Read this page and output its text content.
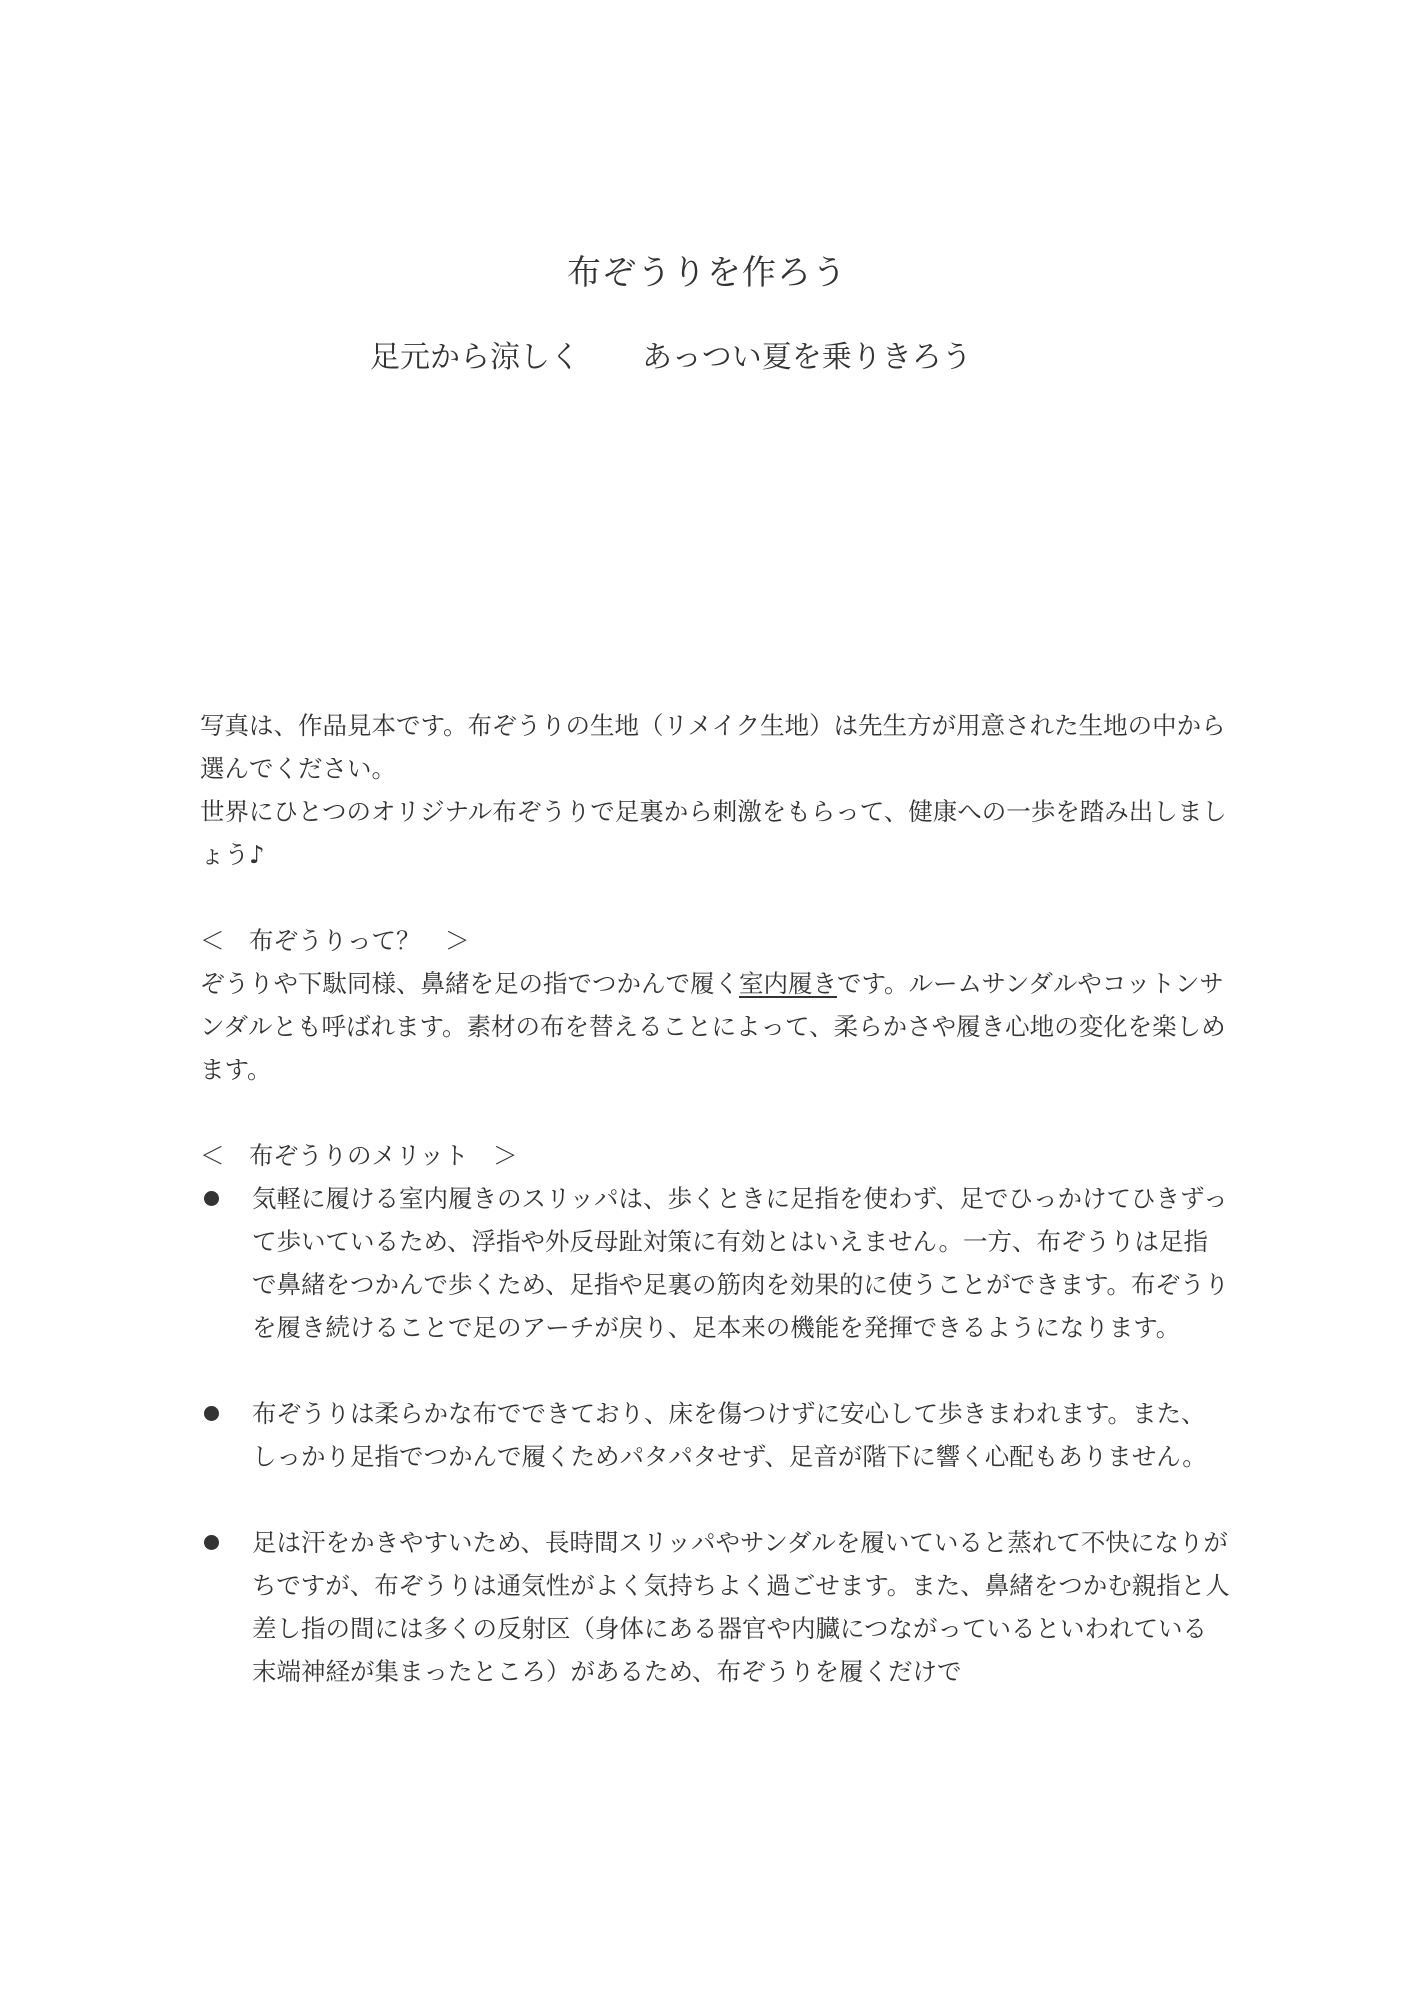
布ぞうりを作ろう
足元から涼しく あっつい夏を乗りきろう

写真は、作品見本です。布ぞうりの生地（リメイク生地）は先生方が用意された生地の中から選んでください。

世界にひとつのオリジナル布ぞうりで足裏から刺激をもらって、健康への一歩を踏み出しましょう♪

＜　布ぞうりって？　＞

ぞうりや下駄同様、鼻緒を足の指でつかんで履く室内履きです。ルームサンダルやコットンサンダルとも呼ばれます。素材の布を替えることによって、柔らかさや履き心地の変化を楽しめます。

＜　布ぞうりのメリット　＞

気軽に履ける室内履きのスリッパは、歩くときに足指を使わず、足でひっかけてひきずって歩いているため、浮指や外反母趾対策に有効とはいえません。一方、布ぞうりは足指で鼻緒をつかんで歩くため、足指や足裏の筋肉を効果的に使うことができます。布ぞうりを履き続けることで足のアーチが戻り、足本来の機能を発揮できるようになります。
布ぞうりは柔らかな布でできており、床を傷つけずに安心して歩きまわれます。また、しっかり足指でつかんで履くためパタパタせず、足音が階下に響く心配もありません。
足は汗をかきやすいため、長時間スリッパやサンダルを履いていると蒸れて不快になりがちですが、布ぞうりは通気性がよく気持ちよく過ごせます。また、鼻緒をつかむ親指と人差し指の間には多くの反射区（身体にある器官や内臓につながっているといわれている末端神経が集まったところ）があるため、布ぞうりを履くだけで
